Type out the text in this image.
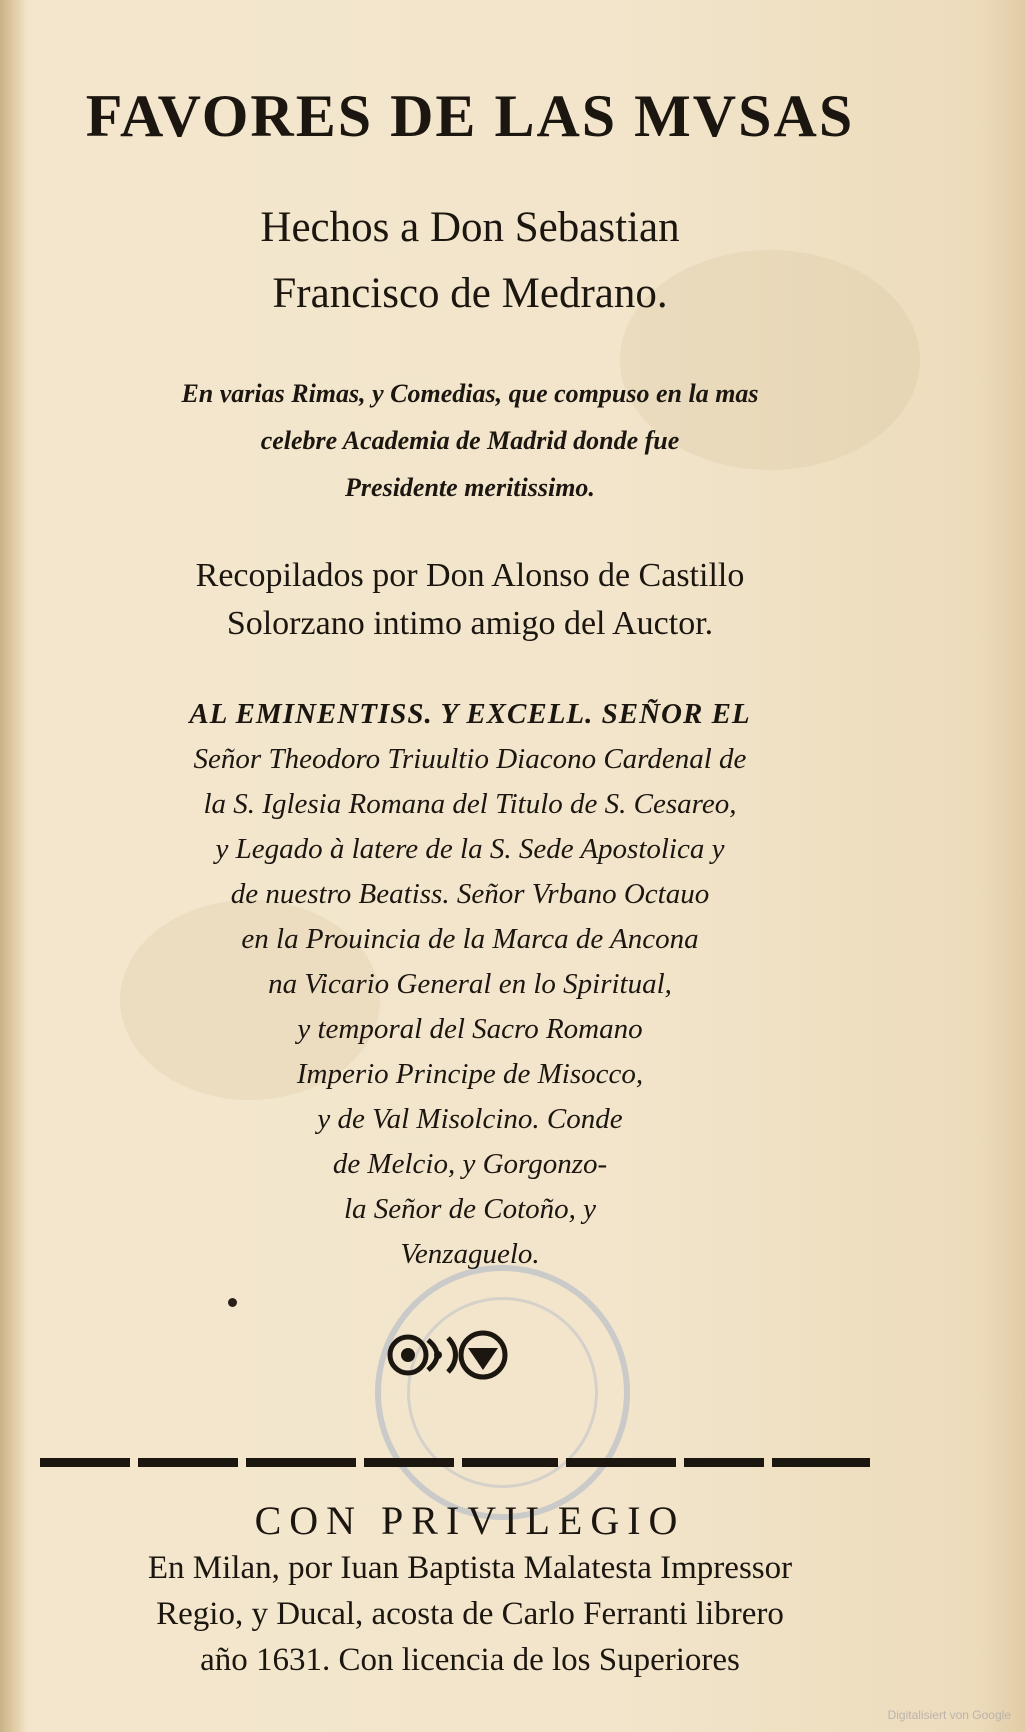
FAVORES DE LAS MVSAS
Hechos a Don Sebastian
Francisco de Medrano.
En varias Rimas, y Comedias, que compuso en la mas
celebre Academia de Madrid donde fue
Presidente meritissimo.
Recopilados por Don Alonso de Castillo
Solorzano intimo amigo del Auctor.
AL EMINENTISS. Y EXCELL. SEÑOR EL
Señor Theodoro Triuultio Diacono Cardenal de
la S. Iglesia Romana del Titulo de S. Cesareo,
y Legado à latere de la S. Sede Apostolica y
de nuestro Beatiss. Señor Vrbano Octauo
en la Prouincia de la Marca de Ancona
na Vicario General en lo Spiritual,
y temporal del Sacro Romano
Imperio Principe de Misocco,
y de Val Misolcino. Conde
de Melcio, y Gorgonzo-
la Señor de Cotoño, y
Venzaguelo.
CON PRIVILEGIO
En Milan, por Iuan Baptista Malatesta Impressor
Regio, y Ducal, acosta de Carlo Ferranti librero
año 1631. Con licencia de los Superiores
Digitalisiert von Google
